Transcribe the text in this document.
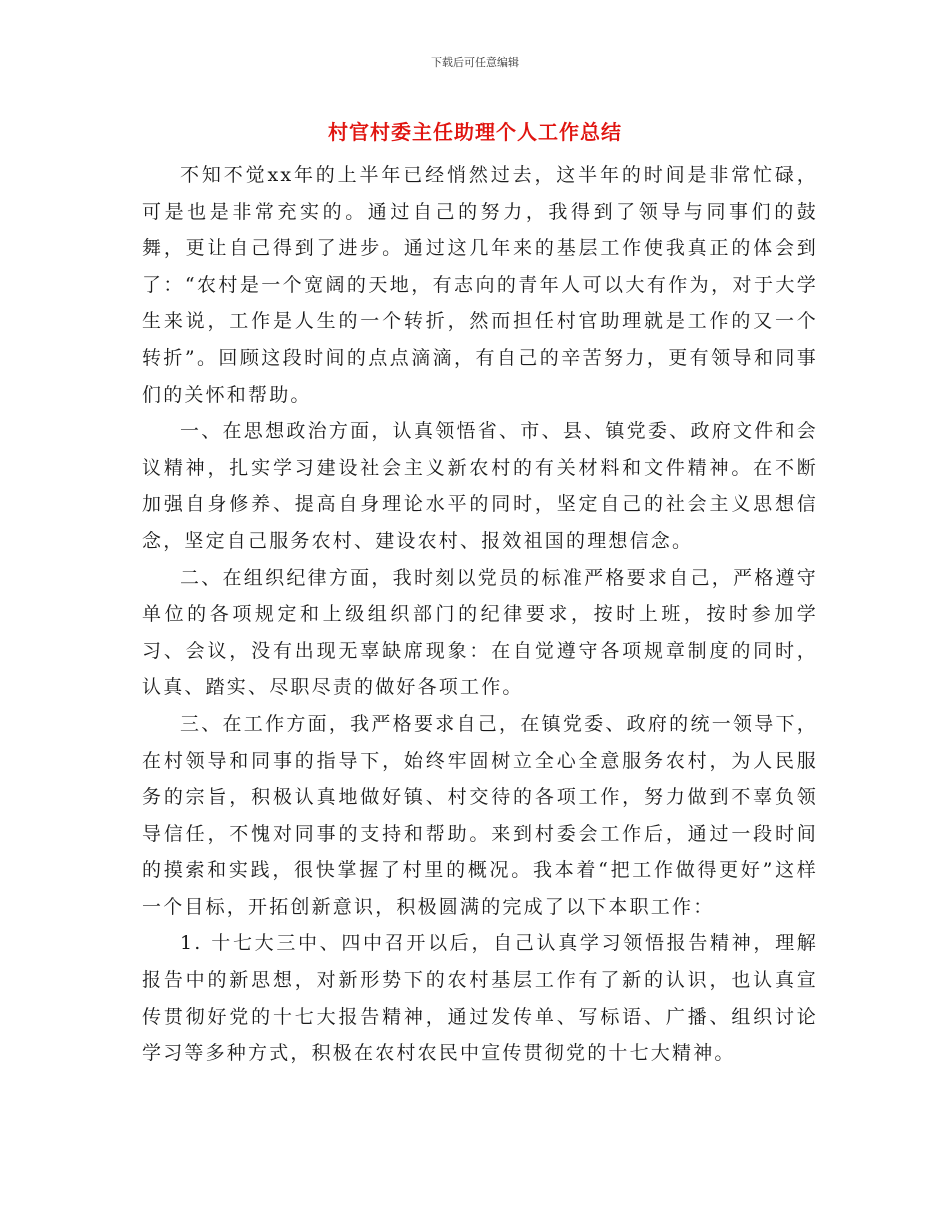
下载后可任意编辑
村官村委主任助理个人工作总结

不知不觉xx年的上半年已经悄然过去，这半年的时间是非常忙碌，可是也是非常充实的。通过自己的努力，我得到了领导与同事们的鼓舞，更让自己得到了进步。通过这几年来的基层工作使我真正的体会到了：“农村是一个宽阔的天地，有志向的青年人可以大有作为，对于大学生来说，工作是人生的一个转折，然而担任村官助理就是工作的又一个转折”。回顾这段时间的点点滴滴，有自己的辛苦努力，更有领导和同事们的关怀和帮助。

一、在思想政治方面，认真领悟省、市、县、镇党委、政府文件和会议精神，扎实学习建设社会主义新农村的有关材料和文件精神。在不断加强自身修养、提高自身理论水平的同时，坚定自己的社会主义思想信念，坚定自己服务农村、建设农村、报效祖国的理想信念。

二、在组织纪律方面，我时刻以党员的标准严格要求自己，严格遵守单位的各项规定和上级组织部门的纪律要求，按时上班，按时参加学习、会议，没有出现无辜缺席现象：在自觉遵守各项规章制度的同时，认真、踏实、尽职尽责的做好各项工作。

三、在工作方面，我严格要求自己，在镇党委、政府的统一领导下，在村领导和同事的指导下，始终牢固树立全心全意服务农村，为人民服务的宗旨，积极认真地做好镇、村交待的各项工作，努力做到不辜负领导信任，不愧对同事的支持和帮助。来到村委会工作后，通过一段时间的摸索和实践，很快掌握了村里的概况。我本着“把工作做得更好”这样一个目标，开拓创新意识，积极圆满的完成了以下本职工作：

1. 十七大三中、四中召开以后，自己认真学习领悟报告精神，理解报告中的新思想，对新形势下的农村基层工作有了新的认识，也认真宣传贯彻好党的十七大报告精神，通过发传单、写标语、广播、组织讨论学习等多种方式，积极在农村农民中宣传贯彻党的十七大精神。
